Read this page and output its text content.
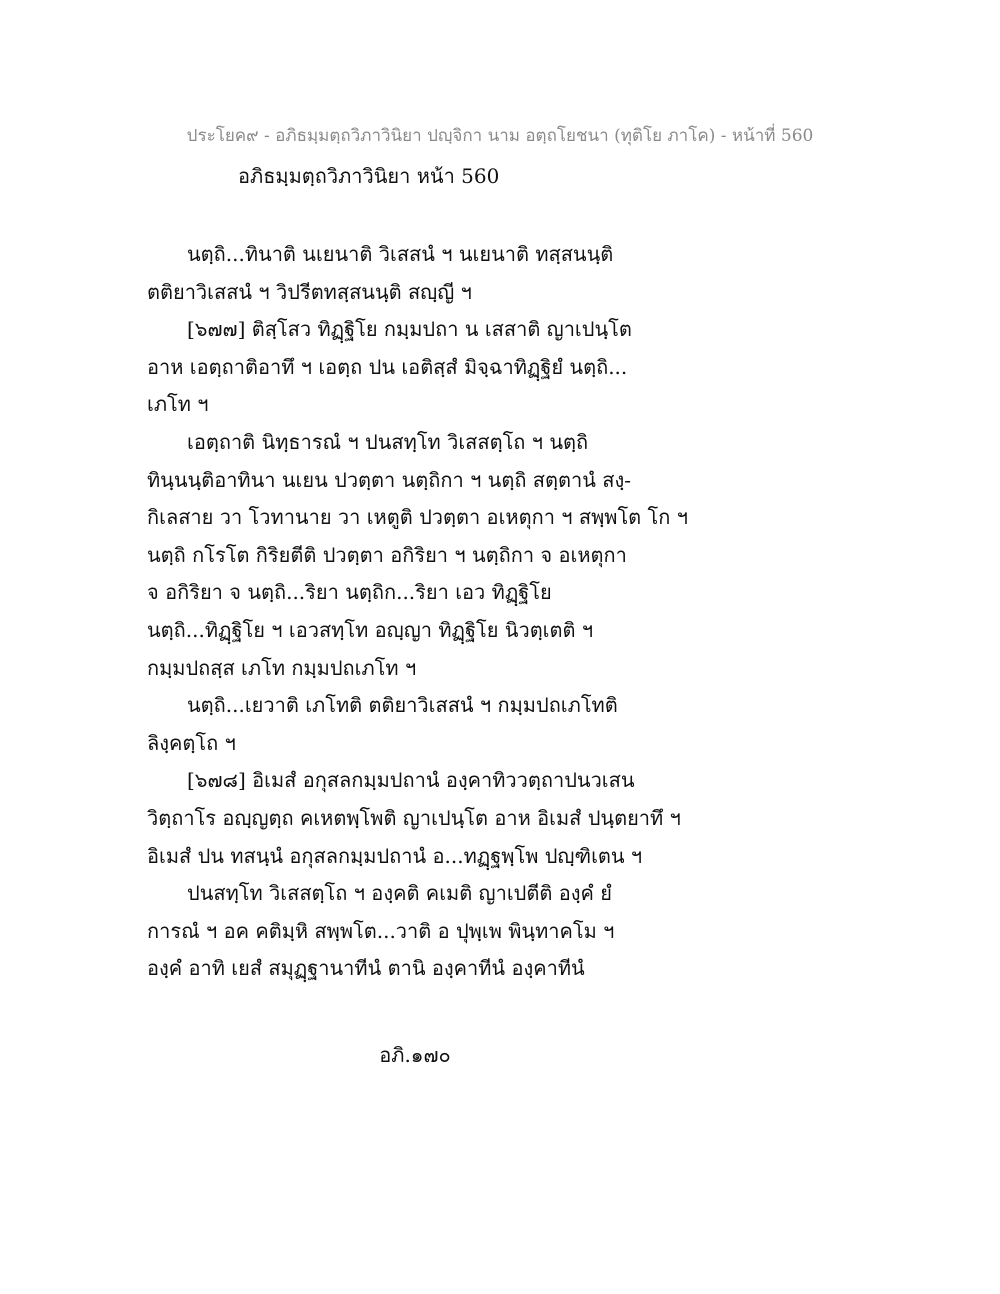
ประโยค๙ - อภิธมฺมตฺถวิภาวินิยา ปญฺจิกา นาม อตฺถโยชนา (ทุติโย ภาโค) - หน้าที่ 560
อภิธมฺมตฺถวิภาวินิยา หน้า 560
นตฺถิ...ทินาติ นเยนาติ วิเสสนํ ฯ นเยนาติ ทสฺสนนฺติ
ตติยาวิเสสนํ ฯ วิปรีตทสฺสนนฺติ สญฺญี ฯ
[๖๗๗] ติสฺโสว ทิฏฺฐิโย กมฺมปถา น เสสาติ ญาเปนฺโต
อาห เอตฺถาติอาทึ ฯ เอตฺถ ปน เอติสฺสํ มิจฺฉาทิฏฺฐิยํ นตฺถิ...
เภโท ฯ
เอตฺถาติ นิทฺธารณํ ฯ ปนสทฺโท วิเสสตฺโถ ฯ นตฺถิ
ทินฺนนฺติอาทินา นเยน ปวตฺตา นตฺถิกา ฯ นตฺถิ สตฺตานํ สงฺ-
กิเลสาย วา โวทานาย วา เหตูติ ปวตฺตา อเหตุกา ฯ สพฺพโต โก ฯ
นตฺถิ กโรโต กิริยตีติ ปวตฺตา อกิริยา ฯ นตฺถิกา จ อเหตุกา
จ อกิริยา จ นตฺถิ...ริยา นตฺถิก...ริยา เอว ทิฏฺฐิโย
นตฺถิ...ทิฏฺฐิโย ฯ เอวสทฺโท อญฺญา ทิฏฺฐิโย นิวตฺเตติ ฯ
กมฺมปถสฺส เภโท กมฺมปถเภโท ฯ
นตฺถิ...เยวาติ เภโทติ ตติยาวิเสสนํ ฯ กมฺมปถเภโทติ
ลิงฺคตฺโถ ฯ
[๖๗๘] อิเมสํ อกุสลกมฺมปถานํ องฺคาทิววตฺถาปนวเสน
วิตฺถาโร อญฺญตฺถ คเหตพฺโพติ ญาเปนฺโต อาห อิเมสํ ปนฺตยาทึ ฯ
อิเมสํ ปน ทสนฺนํ อกุสลกมฺมปถานํ อ...ทฏฺฐพฺโพ ปญฺฑิเตน ฯ
ปนสทฺโท วิเสสตฺโถ ฯ องฺคติ คเมติ ญาเปตีติ องฺคํ ยํ
การณํ ฯ อค คติมฺหิ สพฺพโต...วาติ อ ปุพฺเพ พินฺทาคโม ฯ
องฺคํ อาทิ เยสํ สมุฏฺฐานาทีนํ ตานิ องฺคาทีนํ องฺคาทีนํ
อภิ.๑๗๐
